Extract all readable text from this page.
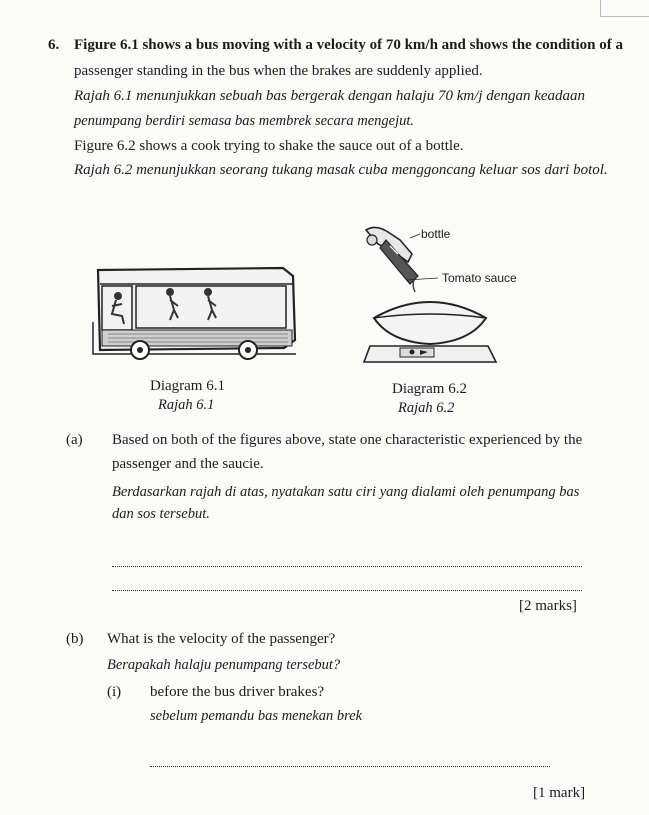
6. Figure 6.1 shows a bus moving with a velocity of 70 km/h and shows the condition of a
passenger standing in the bus when the brakes are suddenly applied.
Rajah 6.1 menunjukkan sebuah bas bergerak dengan halaju 70 km/j dengan keadaan
penumpang berdiri semasa bas membrek secara mengejut.
Figure 6.2 shows a cook trying to shake the sauce out of a bottle.
Rajah 6.2 menunjukkan seorang tukang masak cuba menggoncang keluar sos dari botol.
bottle
Tomato sauce
Diagram 6.1
Rajah 6.1
Diagram 6.2
Rajah 6.2
(a) Based on both of the figures above, state one characteristic experienced by the
passenger and the saucie.
Berdasarkan rajah di atas, nyatakan satu ciri yang dialami oleh penumpang bas
dan sos tersebut.
[2 marks]
(b) What is the velocity of the passenger?
Berapakah halaju penumpang tersebut?
(i) before the bus driver brakes?
sebelum pemandu bas menekan brek
[1 mark]
